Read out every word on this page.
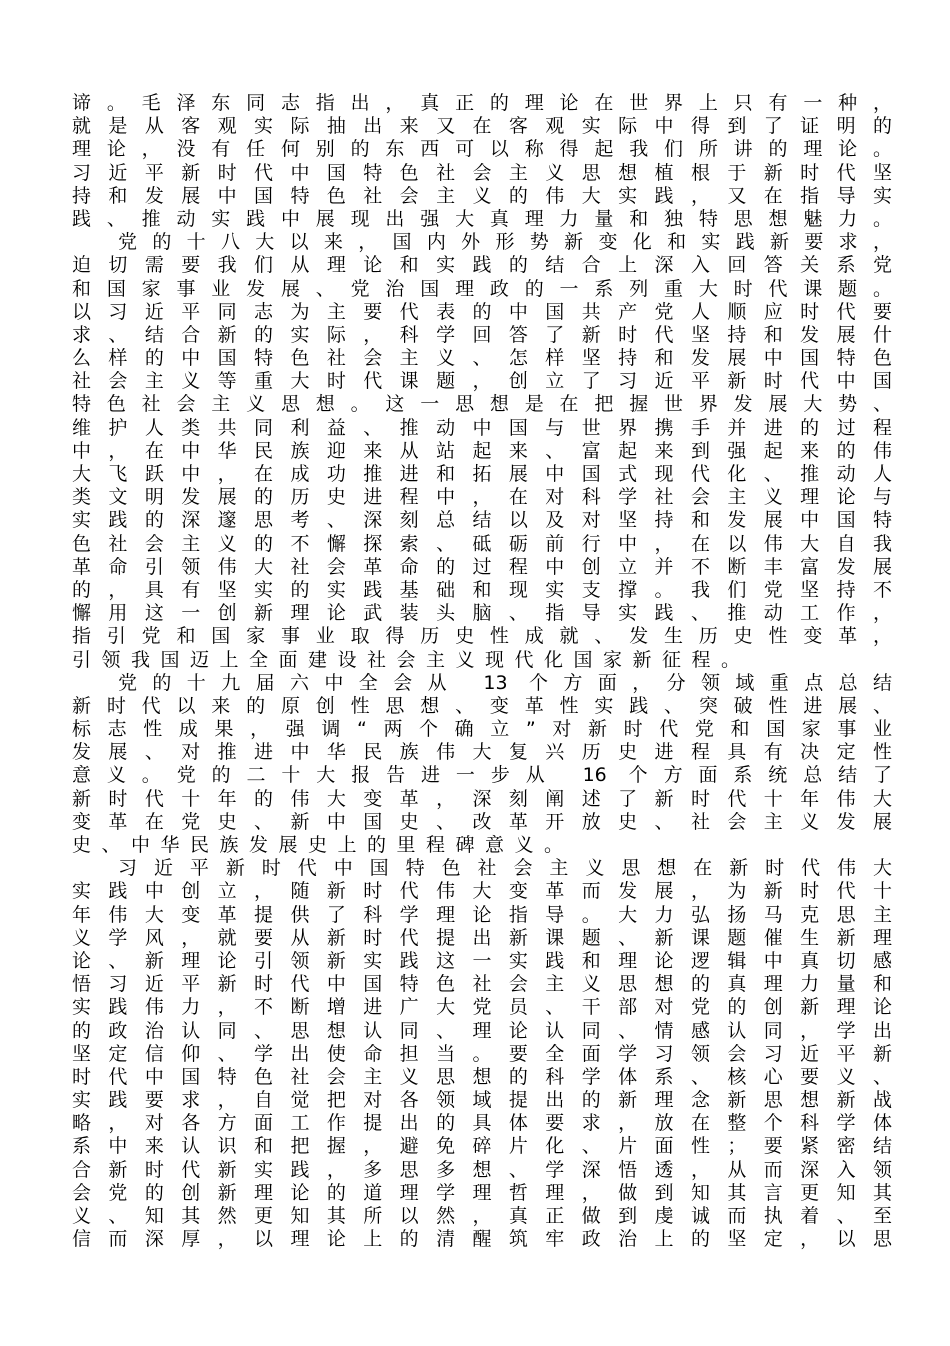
谛。毛泽东同志指出，真正的理论在世界上只有一种，
就是从客观实际抽出来又在客观实际中得到了证明的
理论，没有任何别的东西可以称得起我们所讲的理论。
习近平新时代中国特色社会主义思想植根于新时代坚
持和发展中国特色社会主义的伟大实践，又在指导实
践、推动实践中展现出强大真理力量和独特思想魅力。
党的十八大以来，国内外形势新变化和实践新要求，
迫切需要我们从理论和实践的结合上深入回答关系党
和国家事业发展、党治国理政的一系列重大时代课题。
以习近平同志为主要代表的中国共产党人顺应时代要
求、结合新的实际，科学回答了新时代坚持和发展什
么样的中国特色社会主义、怎样坚持和发展中国特色
社会主义等重大时代课题，创立了习近平新时代中国
特色社会主义思想。这一思想是在把握世界发展大势、
维护人类共同利益、推动中国与世界携手并进的过程
中，在中华民族迎来从站起来、富起来到强起来的伟
大飞跃中，在成功推进和拓展中国式现代化、推动人
类文明发展的历史进程中，在对科学社会主义理论与
实践的深邃思考、深刻总结以及对坚持和发展中国特
色社会主义的不懈探索、砥砺前行中，在以伟大自我
革命引领伟大社会革命的过程中创立并不断丰富发展
的，具有坚实的实践基础和现实支撑。我们党坚持不
懈用这一创新理论武装头脑、指导实践、推动工作，
指引党和国家事业取得历史性成就、发生历史性变革，
引领我国迈上全面建设社会主义现代化国家新征程。
党的十九届六中全会从 13 个方面，分领域重点总结
新时代以来的原创性思想、变革性实践、突破性进展、
标志性成果，强调“两个确立”对新时代党和国家事业
发展、对推进中华民族伟大复兴历史进程具有决定性
意义。党的二十大报告进一步从 16 个方面系统总结了
新时代十年的伟大变革，深刻阐述了新时代十年伟大
变革在党史、新中国史、改革开放史、社会主义发展
史、中华民族发展史上的里程碑意义。
习近平新时代中国特色社会主义思想在新时代伟大
实践中创立，随新时代伟大变革而发展，为新时代十
年伟大变革提供了科学理论指导。大力弘扬马克思主
义学风，就要从新时代提出新课题、新课题催生新理
论、新理论引领新实践这一实践和理论逻辑中真切感
悟习近平新时代中国特色社会主义思想的真理力量和
实践伟力，不断增进广大党员、干部对党的创新理论
的政治认同、思想认同、理论认同、情感认同，学出
坚定信仰、学出使命担当。要全面学习领会习近平新
时代中国特色社会主义思想的科学体系、核心要义、
实践要求，自觉把对各领域提出的新理念新思想新战
略，对各方面工作提出的具体要求，放在整个科学体
系中来认识和把握，避免碎片化、片面性；要紧密结
合新时代新实践，多思多想、学深悟透，从而深入领
会党的创新理论的道理学理哲理，做到知其言更知其
义、知其然更知其所以然，真正做到虔诚而执着、至
信而深厚，以理论上的清醒筑牢政治上的坚定，以思
